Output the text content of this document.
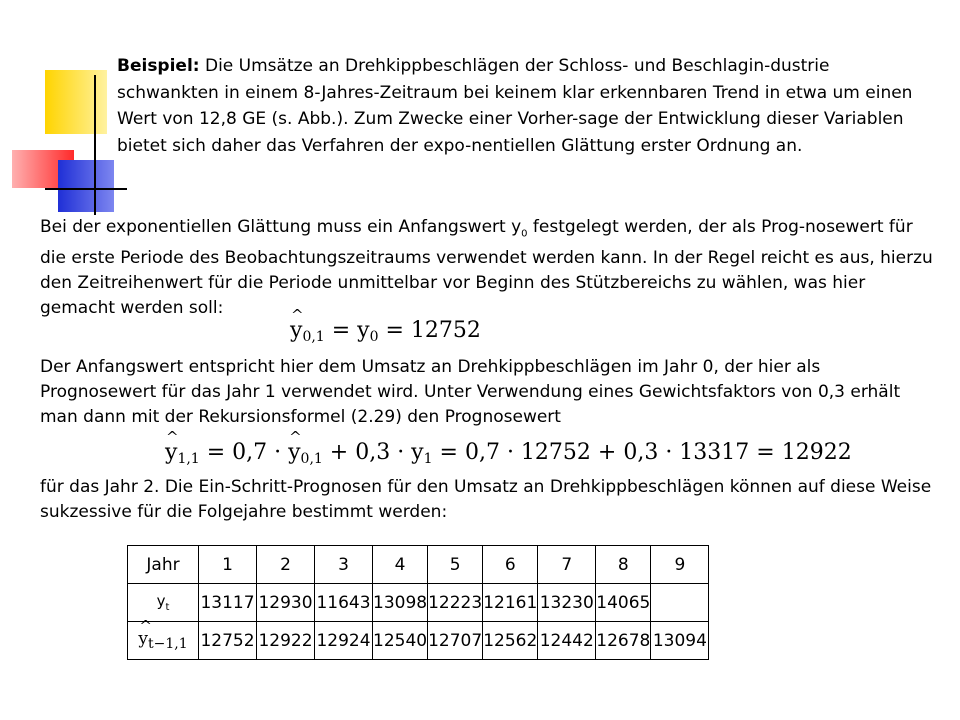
Beispiel: Die Umsätze an Drehkippbeschlägen der Schloss- und Beschlagin-dustrie schwankten in einem 8-Jahres-Zeitraum bei keinem klar erkennbaren Trend in etwa um einen Wert von 12,8 GE (s. Abb.). Zum Zwecke einer Vorher-sage der Entwicklung dieser Variablen bietet sich daher das Verfahren der expo-nentiellen Glättung erster Ordnung an.

Bei der exponentiellen Glättung muss ein Anfangswert $y_0$ festgelegt werden, der als Prog-nosewert für die erste Periode des Beobachtungszeitraums verwendet werden kann. In der Regel reicht es aus, hierzu den Zeitreihenwert für die Periode unmittelbar vor Beginn des Stützbereichs zu wählen, was hier gemacht werden soll:

^ $y_{0,1} = y_0 = 12752$

Der Anfangswert entspricht hier dem Umsatz an Drehkippbeschlägen im Jahr 0, der hier als Prognosewert für das Jahr 1 verwendet wird. Unter Verwendung eines Gewichtsfaktors von 0,3 erhält man dann mit der Rekursionsformel (2.29) den Prognosewert

^ $y_{1,1} = 0,7$ · ^ $y_{0,1} + 0,3 \cdot y_1 = 0,7 \cdot 12752 + 0,3 \cdot 13317 = 12922$

für das Jahr 2. Die Ein-Schritt-Prognosen für den Umsatz an Drehkippbeschlägen können auf diese Weise sukzessive für die Folgejahre bestimmt werden:

Jahr	1	2	3	4	5	6	7	8	9
$y_t$	13117	12930	11643	13098	12223	12161	13230	14065	
^ $y_{t-1,1}$	12752	12922	12924	12540	12707	12562	12442	12678	13094
